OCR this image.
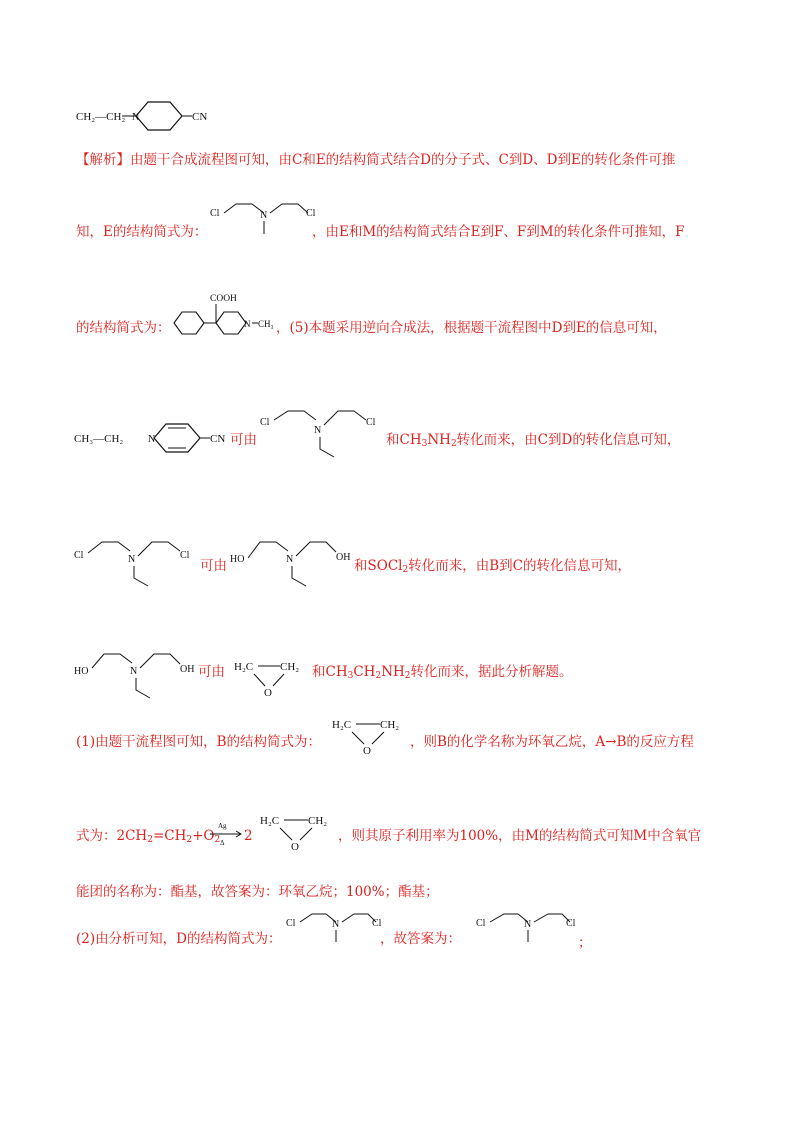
CH₂—CH₂ N	CN
【解析】由题干合成流程图可知，由C和E的结构简式结合D的分子式、C到D、D到E的转化条件可推
知，E的结构简式为：
Cl	N	Cl
，由E和M的结构简式结合E到F、F到M的转化条件可推知，F
的结构简式为：
COOH
N CH₃ ，(5)本题采用逆向合成法，根据题干流程图中D到E的信息可知，
CH₃—CH₂ N	CN 可由
Cl
N
Cl
和$CH_3NH_2$转化而来，由C到D的转化信息可知，
Cl	N	Cl
可由 HO	N	OH
和SOCl$_2$转化而来，由B到C的转化信息可知，
HO	N	OH 可由 H₂C CH₂
O
和$CH_3CH_2NH_2$转化而来，据此分析解题。
(1)由题干流程图可知，B的结构简式为：
H₂C	CH₂
O
，则B的化学名称为环氧乙烷，A→B的反应方程
式为：$2CH_2=CH_2+O_2$
Ag
Δ 2
H₂C	CH₂
O
，则其原子利用率为100%，由M的结构简式可知M中含氧官
能团的名称为：酯基，故答案为：环氧乙烷；100%；酯基；
(2)由分析可知，D的结构简式为：
Cl	N	Cl
，故答案为：
Cl	N	Cl
；
